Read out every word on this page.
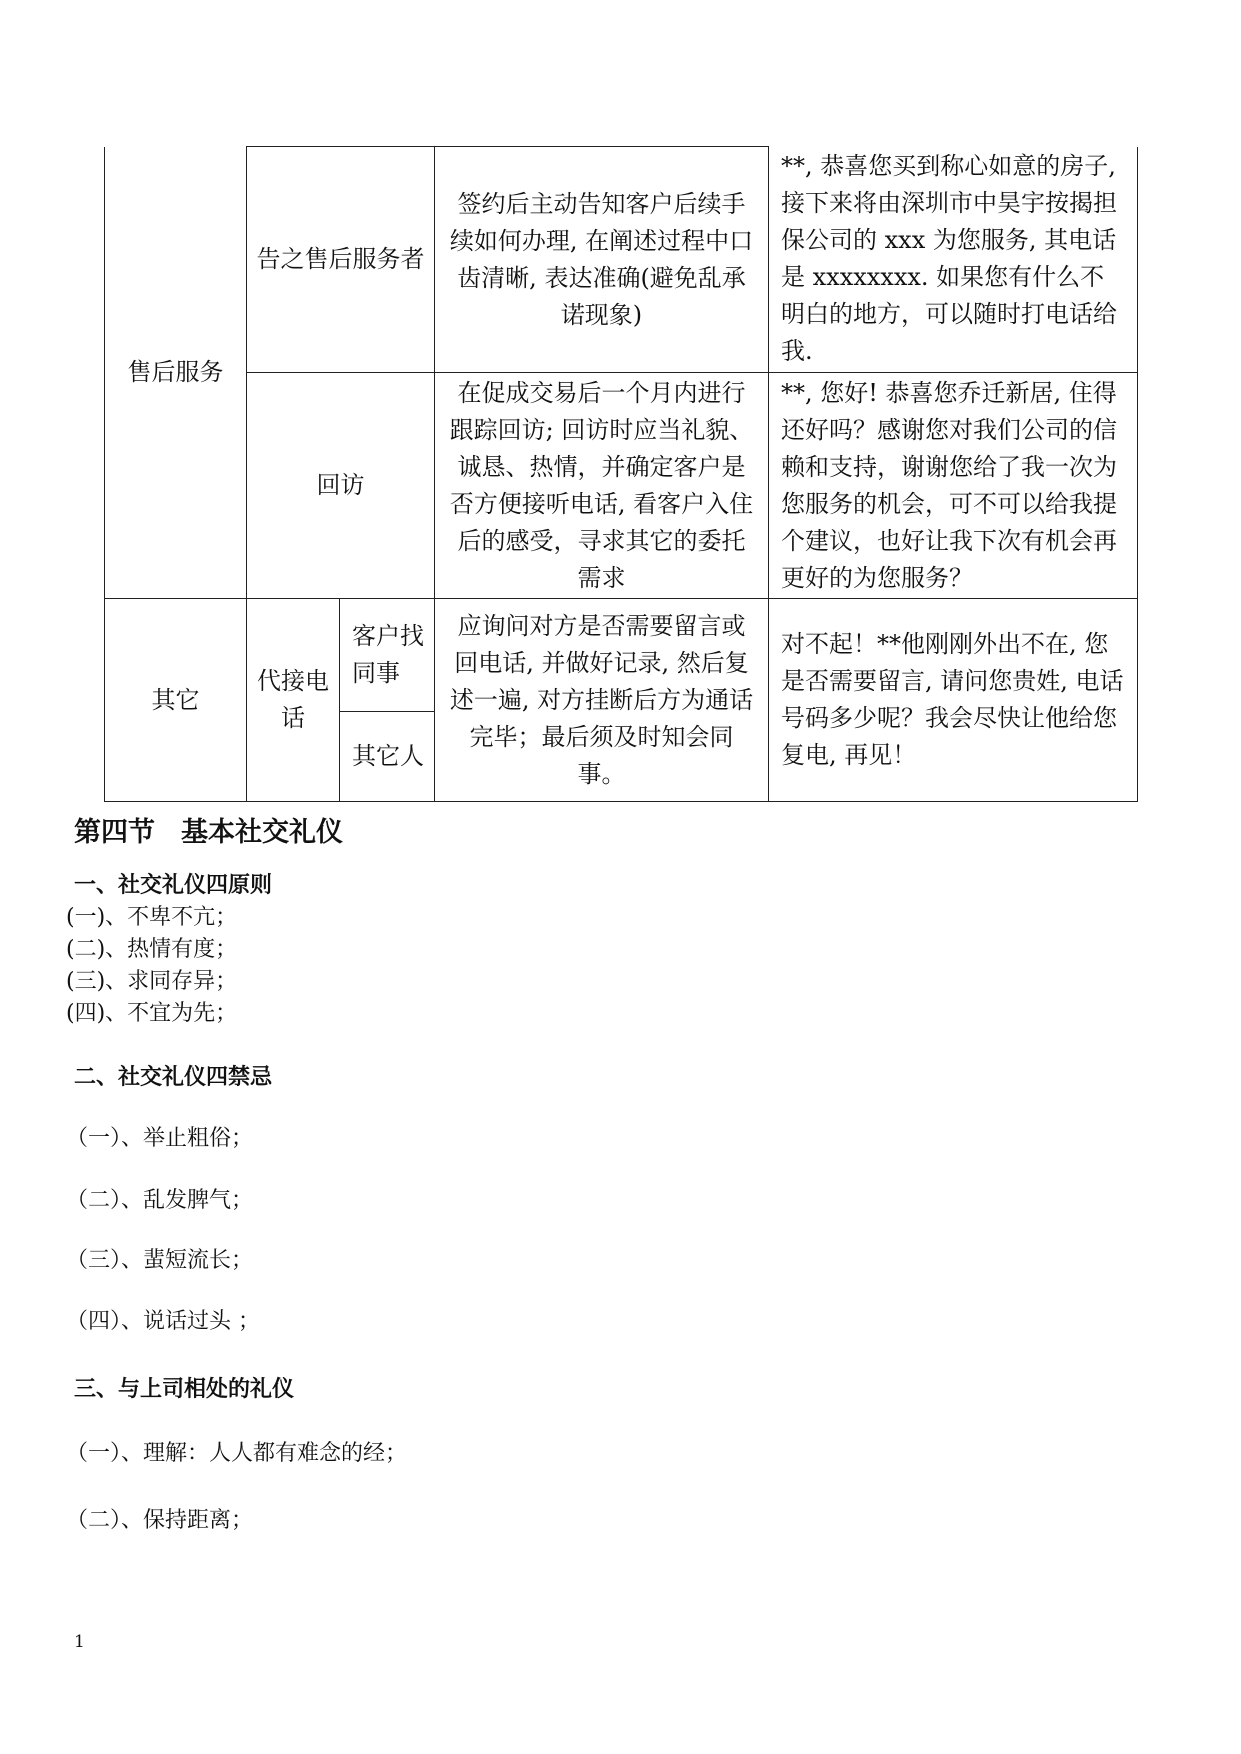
售后服务	告之售后服务者		签约后主动告知客户后续手续如何办理, 在阐述过程中口齿清晰, 表达准确(避免乱承诺现象)	**, 恭喜您买到称心如意的房子, 接下来将由深圳市中昊宇按揭担保公司的 xxx 为您服务, 其电话是 xxxxxxxx. 如果您有什么不明白的地方，可以随时打电话给我.
	回访		在促成交易后一个月内进行跟踪回访; 回访时应当礼貌、诚恳、热情，并确定客户是否方便接听电话, 看客户入住后的感受，寻求其它的委托需求	**, 您好! 恭喜您乔迁新居, 住得还好吗？感谢您对我们公司的信赖和支持，谢谢您给了我一次为您服务的机会，可不可以给我提个建议，也好让我下次有机会再更好的为您服务？
其它	代接电话	客户找同事	应询问对方是否需要留言或回电话, 并做好记录, 然后复述一遍, 对方挂断后方为通话完毕；最后须及时知会同事。	对不起！**他刚刚外出不在, 您是否需要留言, 请问您贵姓, 电话号码多少呢？我会尽快让他给您复电, 再见！
		其它人		
第四节 基本社交礼仪
一、社交礼仪四原则
(一)、不卑不亢；
(二)、热情有度；
(三)、求同存异；
(四)、不宜为先；
二、社交礼仪四禁忌
（一）、举止粗俗；
（二）、乱发脾气；
（三）、蜚短流长；
（四）、说话过头 ；
三、与上司相处的礼仪
（一）、理解：人人都有难念的经；
（二）、保持距离；
1
